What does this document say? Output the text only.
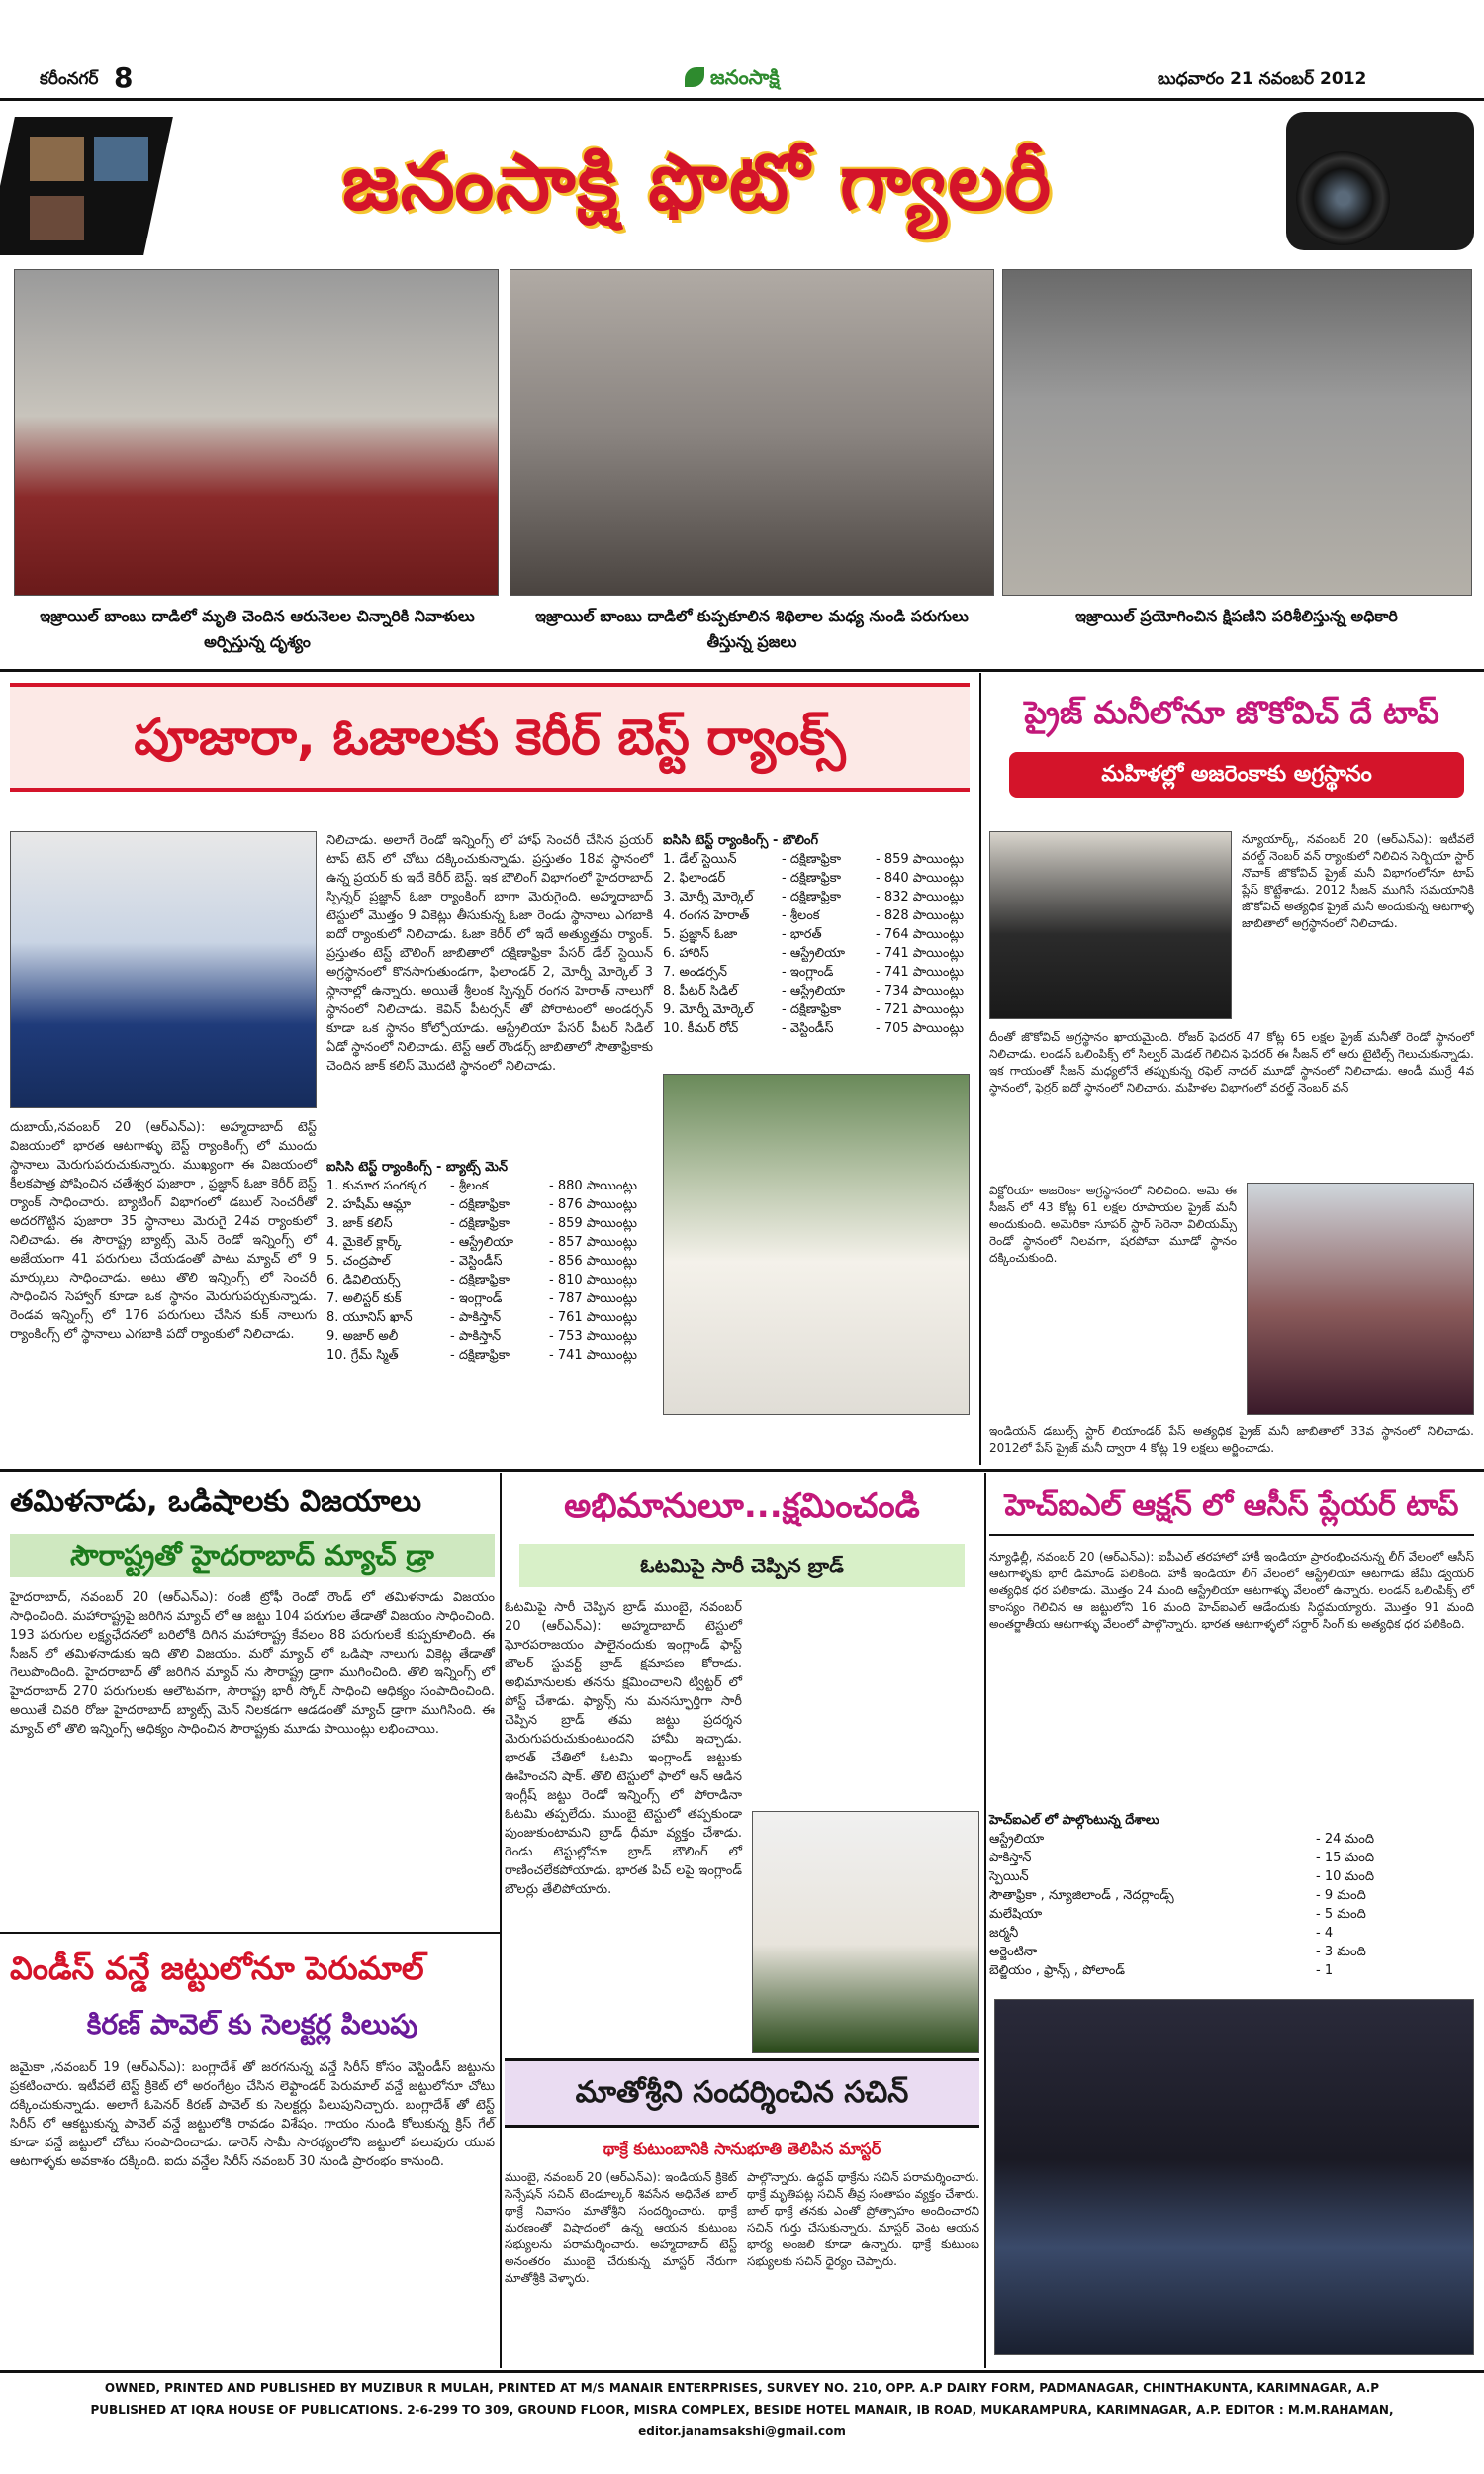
కరీంనగర్ 8	జనంసాక్షి	బుధవారం 21 నవంబర్ 2012
జనంసాక్షి ఫొటో గ్యాలరీ
ఇజ్రాయిల్ బాంబు దాడిలో మృతి చెందిన ఆరునెలల చిన్నారికి నివాళులు అర్పిస్తున్న దృశ్యం
ఇజ్రాయిల్ బాంబు దాడిలో కుప్పకూలిన శిథిలాల మధ్య నుండి పరుగులు తీస్తున్న ప్రజలు
ఇజ్రాయిల్ ప్రయోగించిన క్షిపణిని పరిశీలిస్తున్న అధికారి
పూజారా, ఓజాలకు కెరీర్ బెస్ట్ ర్యాంక్స్
దుబాయ్,నవంబర్ 20 (ఆర్ఎన్ఎ): అహ్మదాబాద్ టెస్ట్ విజయంలో భారత ఆటగాళ్ళు బెస్ట్ ర్యాంకింగ్స్ లో ముందు స్థానాలు మెరుగుపరుచుకున్నారు. ముఖ్యంగా ఈ విజయంలో కీలకపాత్ర పోషించిన చతేశ్వర పుజారా , ప్రజ్ఞాన్ ఓజా కెరీర్ బెస్ట్ ర్యాంక్ సాధించారు. బ్యాటింగ్ విభాగంలో డబుల్ సెంచరీతో అదరగొట్టిన పుజారా 35 స్థానాలు మెరుగై 24వ ర్యాంకులో నిలిచాడు. ఈ సౌరాష్ట్ర బ్యాట్స్ మెన్ రెండో ఇన్నింగ్స్ లో అజేయంగా 41 పరుగులు చేయడంతో పాటు మ్యాచ్ లో 9 మార్కులు సాధించాడు. అటు తొలి ఇన్నింగ్స్ లో సెంచరీ సాధించిన సెహ్వాగ్ కూడా ఒక స్థానం మెరుగుపర్చుకున్నాడు. రెండవ ఇన్నింగ్స్ లో 176 పరుగులు చేసిన కుక్ నాలుగు ర్యాంకింగ్స్ లో స్థానాలు ఎగబాకి పదో ర్యాంకులో నిలిచాడు.
నిలిచాడు. అలాగే రెండో ఇన్నింగ్స్ లో హాఫ్ సెంచరీ చేసిన ప్రయర్ టాప్ టెన్ లో చోటు దక్కించుకున్నాడు. ప్రస్తుతం 18వ స్థానంలో ఉన్న ప్రయర్ కు ఇదే కెరీర్ బెస్ట్. ఇక బౌలింగ్ విభాగంలో హైదరాబాద్ స్పిన్నర్ ప్రజ్ఞాన్ ఓజా ర్యాంకింగ్ బాగా మెరుగైంది. అహ్మదాబాద్ టెస్టులో మొత్తం 9 వికెట్లు తీసుకున్న ఓజా రెండు స్థానాలు ఎగబాకి ఐదో ర్యాంకులో నిలిచాడు. ఓజా కెరీర్ లో ఇదే అత్యుత్తమ ర్యాంక్. ప్రస్తుతం టెస్ట్ బౌలింగ్ జాబితాలో దక్షిణాఫ్రికా పేసర్ డేల్ స్టెయిన్ అగ్రస్థానంలో కొనసాగుతుండగా, ఫిలాండర్ 2, మోర్నీ మోర్కెల్ 3 స్థానాల్లో ఉన్నారు. అయితే శ్రీలంక స్పిన్నర్ రంగన హెరాత్ నాలుగో స్థానంలో నిలిచాడు. కెవిన్ పీటర్సన్ తో పోరాటంలో అండర్సన్ కూడా ఒక స్థానం కోల్పోయాడు. ఆస్ట్రేలియా పేసర్ పీటర్ సిడిల్ ఏడో స్థానంలో నిలిచాడు. టెస్ట్ ఆల్ రౌండర్స్ జాబితాలో సౌతాఫ్రికాకు చెందిన జాక్ కలిస్ మొదటి స్థానంలో నిలిచాడు.
ఐసిసి టెస్ట్ ర్యాంకింగ్స్ - బౌలింగ్
1. డేల్ స్టెయిన్	- దక్షిణాఫ్రికా	- 859 పాయింట్లు
2. ఫిలాండర్	- దక్షిణాఫ్రికా	- 840 పాయింట్లు
3. మోర్నీ మోర్కెల్	- దక్షిణాఫ్రికా	- 832 పాయింట్లు
4. రంగన హెరాత్	- శ్రీలంక	- 828 పాయింట్లు
5. ప్రజ్ఞాన్ ఓజా	- భారత్	- 764 పాయింట్లు
6. హారిస్	- ఆస్ట్రేలియా	- 741 పాయింట్లు
7. అండర్సన్	- ఇంగ్లాండ్	- 741 పాయింట్లు
8. పీటర్ సిడిల్	- ఆస్ట్రేలియా	- 734 పాయింట్లు
9. మోర్నీ మోర్కెల్	- దక్షిణాఫ్రికా	- 721 పాయింట్లు
10. కీమర్ రోచ్	- వెస్టిండీస్	- 705 పాయింట్లు
ఐసిసి టెస్ట్ ర్యాంకింగ్స్ - బ్యాట్స్ మెన్
1. కుమార సంగక్కర	- శ్రీలంక	- 880 పాయింట్లు
2. హషీమ్ ఆమ్లా	- దక్షిణాఫ్రికా	- 876 పాయింట్లు
3. జాక్ కలిస్	- దక్షిణాఫ్రికా	- 859 పాయింట్లు
4. మైకెల్ క్లార్క్	- ఆస్ట్రేలియా	- 857 పాయింట్లు
5. చంద్రపాల్	- వెస్టిండీస్	- 856 పాయింట్లు
6. డివిలియర్స్	- దక్షిణాఫ్రికా	- 810 పాయింట్లు
7. అలిస్టర్ కుక్	- ఇంగ్లాండ్	- 787 పాయింట్లు
8. యూనిస్ ఖాన్	- పాకిస్తాన్	- 761 పాయింట్లు
9. అజార్ అలీ	- పాకిస్తాన్	- 753 పాయింట్లు
10. గ్రేమ్ స్మిత్	- దక్షిణాఫ్రికా	- 741 పాయింట్లు
ప్రైజ్ మనీలోనూ జొకోవిచ్ దే టాప్
మహిళల్లో అజరెంకాకు అగ్రస్థానం
న్యూయార్క్, నవంబర్ 20 (ఆర్ఎన్ఎ): ఇటీవలే వరల్డ్ నెంబర్ వన్ ర్యాంకులో నిలిచిన సెర్బియా స్టార్ నొవాక్ జొకోవిచ్ ప్రైజ్ మనీ విభాగంలోనూ టాప్ ప్లేస్ కొట్టేశాడు. 2012 సీజన్ ముగిసే సమయానికి జొకోవిచ్ అత్యధిక ప్రైజ్ మనీ అందుకున్న ఆటగాళ్ళ జాబితాలో అగ్రస్థానంలో నిలిచాడు.
దీంతో జొకోవిచ్ అగ్రస్థానం ఖాయమైంది. రోజర్ ఫెదరర్ 47 కోట్ల 65 లక్షల ప్రైజ్ మనీతో రెండో స్థానంలో నిలిచాడు. లండన్ ఒలింపిక్స్ లో సిల్వర్ మెడల్ గెలిచిన ఫెదరర్ ఈ సీజన్ లో ఆరు టైటిల్స్ గెలుచుకున్నాడు. ఇక గాయంతో సీజన్ మధ్యలోనే తప్పుకున్న రఫెల్ నాదల్ మూడో స్థానంలో నిలిచాడు. ఆండీ ముర్రే 4వ స్థానంలో, ఫెర్రర్ ఐదో స్థానంలో నిలిచారు. మహిళల విభాగంలో వరల్డ్ నెంబర్ వన్
విక్టోరియా అజరెంకా అగ్రస్థానంలో నిలిచింది. అమె ఈ సీజన్ లో 43 కోట్ల 61 లక్షల రూపాయల ప్రైజ్ మనీ అందుకుంది. అమెరికా సూపర్ స్టార్ సెరెనా విలియమ్స్ రెండో స్థానంలో నిలవగా, షరపోవా మూడో స్థానం దక్కించుకుంది.
ఇండియన్ డబుల్స్ స్టార్ లియాండర్ పేస్ అత్యధిక ప్రైజ్ మనీ జాబితాలో 33వ స్థానంలో నిలిచాడు. 2012లో పేస్ ప్రైజ్ మనీ ద్వారా 4 కోట్ల 19 లక్షలు అర్జించాడు.
తమిళనాడు, ఒడిషాలకు విజయాలు
సౌరాష్ట్రతో హైదరాబాద్ మ్యాచ్ డ్రా
హైదరాబాద్, నవంబర్ 20 (ఆర్ఎన్ఎ): రంజీ ట్రోఫీ రెండో రౌండ్ లో తమిళనాడు విజయం సాధించింది. మహారాష్ట్రపై జరిగిన మ్యాచ్ లో ఆ జట్టు 104 పరుగుల తేడాతో విజయం సాధించింది. 193 పరుగుల లక్ష్యఛేదనలో బరిలోకి దిగిన మహారాష్ట్ర కేవలం 88 పరుగులకే కుప్పకూలింది. ఈ సీజన్ లో తమిళనాడుకు ఇది తొలి విజయం. మరో మ్యాచ్ లో ఒడిషా నాలుగు వికెట్ల తేడాతో గెలుపొందింది. హైదరాబాద్ తో జరిగిన మ్యాచ్ ను సౌరాష్ట్ర డ్రాగా ముగించింది. తొలి ఇన్నింగ్స్ లో హైదరాబాద్ 270 పరుగులకు ఆలౌటవగా, సౌరాష్ట్ర భారీ స్కోర్ సాధించి ఆధిక్యం సంపాదించింది. అయితే చివరి రోజు హైదరాబాద్ బ్యాట్స్ మెన్ నిలకడగా ఆడడంతో మ్యాచ్ డ్రాగా ముగిసింది. ఈ మ్యాచ్ లో తొలి ఇన్నింగ్స్ ఆధిక్యం సాధించిన సౌరాష్ట్రకు మూడు పాయింట్లు లభించాయి.
అభిమానులూ...క్షమించండి
ఓటమిపై సారీ చెప్పిన బ్రాడ్
ఓటమిపై సారీ చెప్పిన బ్రాడ్ ముంబై, నవంబర్ 20 (ఆర్ఎన్ఎ): అహ్మదాబాద్ టెస్టులో ఘోరపరాజయం పాలైనందుకు ఇంగ్లాండ్ ఫాస్ట్ బౌలర్ స్టువర్ట్ బ్రాడ్ క్షమాపణ కోరాడు. అభిమానులకు తనను క్షమించాలని ట్విట్టర్ లో పోస్ట్ చేశాడు. ఫ్యాన్స్ ను మనస్ఫూర్తిగా సారీ చెప్పిన బ్రాడ్ తమ జట్టు ప్రదర్శన మెరుగుపరుచుకుంటుందని హామీ ఇచ్చాడు. భారత్ చేతిలో ఓటమి ఇంగ్లాండ్ జట్టుకు ఊహించని షాక్. తొలి టెస్టులో ఫాలో ఆన్ ఆడిన ఇంగ్లీష్ జట్టు రెండో ఇన్నింగ్స్ లో పోరాడినా ఓటమి తప్పలేదు. ముంబై టెస్టులో తప్పకుండా పుంజుకుంటామని బ్రాడ్ ధీమా వ్యక్తం చేశాడు. రెండు టెస్టుల్లోనూ బ్రాడ్ బౌలింగ్ లో రాణించలేకపోయాడు. భారత పిచ్ లపై ఇంగ్లాండ్ బౌలర్లు తేలిపోయారు.
హెచ్ఐఎల్ ఆక్షన్ లో ఆసీస్ ప్లేయర్ టాప్
న్యూఢిల్లీ, నవంబర్ 20 (ఆర్ఎన్ఎ): ఐపీఎల్ తరహాలో హాకీ ఇండియా ప్రారంభించనున్న లీగ్ వేలంలో ఆసీస్ ఆటగాళ్ళకు భారీ డిమాండ్ పలికింది. హాకీ ఇండియా లీగ్ వేలంలో ఆస్ట్రేలియా ఆటగాడు జేమీ డ్వయర్ అత్యధిక ధర పలికాడు. మొత్తం 24 మంది ఆస్ట్రేలియా ఆటగాళ్ళు వేలంలో ఉన్నారు. లండన్ ఒలింపిక్స్ లో కాంస్యం గెలిచిన ఆ జట్టులోని 16 మంది హెచ్ఐఎల్ ఆడేందుకు సిద్ధమయ్యారు. మొత్తం 91 మంది అంతర్జాతీయ ఆటగాళ్ళు వేలంలో పాల్గొన్నారు. భారత ఆటగాళ్ళలో సర్దార్ సింగ్ కు అత్యధిక ధర పలికింది.
హెచ్ఐఎల్ లో పాల్గొంటున్న దేశాలు
ఆస్ట్రేలియా	- 24 మంది
పాకిస్తాన్	- 15 మంది
స్పెయిన్	- 10 మంది
సౌతాఫ్రికా , న్యూజిలాండ్ , నెదర్లాండ్స్	- 9 మంది
మలేషియా	- 5 మంది
జర్మనీ	- 4
అర్జెంటినా	- 3 మంది
బెల్జియం , ఫ్రాన్స్ , పోలాండ్	- 1
విండీస్ వన్డే జట్టులోనూ పెరుమాల్
కిరణ్ పావెల్ కు సెలక్టర్ల పిలుపు
జమైకా ,నవంబర్ 19 (ఆర్ఎన్ఎ): బంగ్లాదేశ్ తో జరగనున్న వన్డే సిరీస్ కోసం వెస్టిండీస్ జట్టును ప్రకటించారు. ఇటీవలే టెస్ట్ క్రికెట్ లో అరంగేట్రం చేసిన లెఫ్టాండర్ పెరుమాల్ వన్డే జట్టులోనూ చోటు దక్కించుకున్నాడు. అలాగే ఓపెనర్ కిరణ్ పావెల్ కు సెలక్టర్లు పిలుపునిచ్చారు. బంగ్లాదేశ్ తో టెస్ట్ సిరీస్ లో ఆకట్టుకున్న పావెల్ వన్డే జట్టులోకి రావడం విశేషం. గాయం నుండి కోలుకున్న క్రిస్ గేల్ కూడా వన్డే జట్టులో చోటు సంపాదించాడు. డారెన్ సామీ సారథ్యంలోని జట్టులో పలువురు యువ ఆటగాళ్ళకు అవకాశం దక్కింది. ఐదు వన్డేల సిరీస్ నవంబర్ 30 నుండి ప్రారంభం కానుంది.
మాతోశ్రీని సందర్శించిన సచిన్
థాక్రే కుటుంబానికి సానుభూతి తెలిపిన మాస్టర్
ముంబై, నవంబర్ 20 (ఆర్ఎన్ఎ): ఇండియన్ క్రికెట్ సెన్సేషన్ సచిన్ టెండూల్కర్ శివసేన అధినేత బాల్ థాక్రే నివాసం మాతోశ్రీని సందర్శించారు. థాక్రే మరణంతో విషాదంలో ఉన్న ఆయన కుటుంబ సభ్యులను పరామర్శించారు. అహ్మదాబాద్ టెస్ట్ అనంతరం ముంబై చేరుకున్న మాస్టర్ నేరుగా మాతోశ్రీకి వెళ్ళారు.
పాల్గొన్నారు. ఉద్ధవ్ థాక్రేను సచిన్ పరామర్శించారు. థాక్రే మృతిపట్ల సచిన్ తీవ్ర సంతాపం వ్యక్తం చేశారు. బాల్ థాక్రే తనకు ఎంతో ప్రోత్సాహం అందించారని సచిన్ గుర్తు చేసుకున్నారు. మాస్టర్ వెంట ఆయన భార్య అంజలి కూడా ఉన్నారు. థాక్రే కుటుంబ సభ్యులకు సచిన్ ధైర్యం చెప్పారు.
OWNED, PRINTED AND PUBLISHED BY MUZIBUR R MULAH, PRINTED AT M/S MANAIR ENTERPRISES, SURVEY NO. 210, OPP. A.P DAIRY FORM, PADMANAGAR, CHINTHAKUNTA, KARIMNAGAR, A.P
PUBLISHED AT IQRA HOUSE OF PUBLICATIONS. 2-6-299 TO 309, GROUND FLOOR, MISRA COMPLEX, BESIDE HOTEL MANAIR, IB ROAD, MUKARAMPURA, KARIMNAGAR, A.P. EDITOR : M.M.RAHAMAN, editor.janamsakshi@gmail.com
